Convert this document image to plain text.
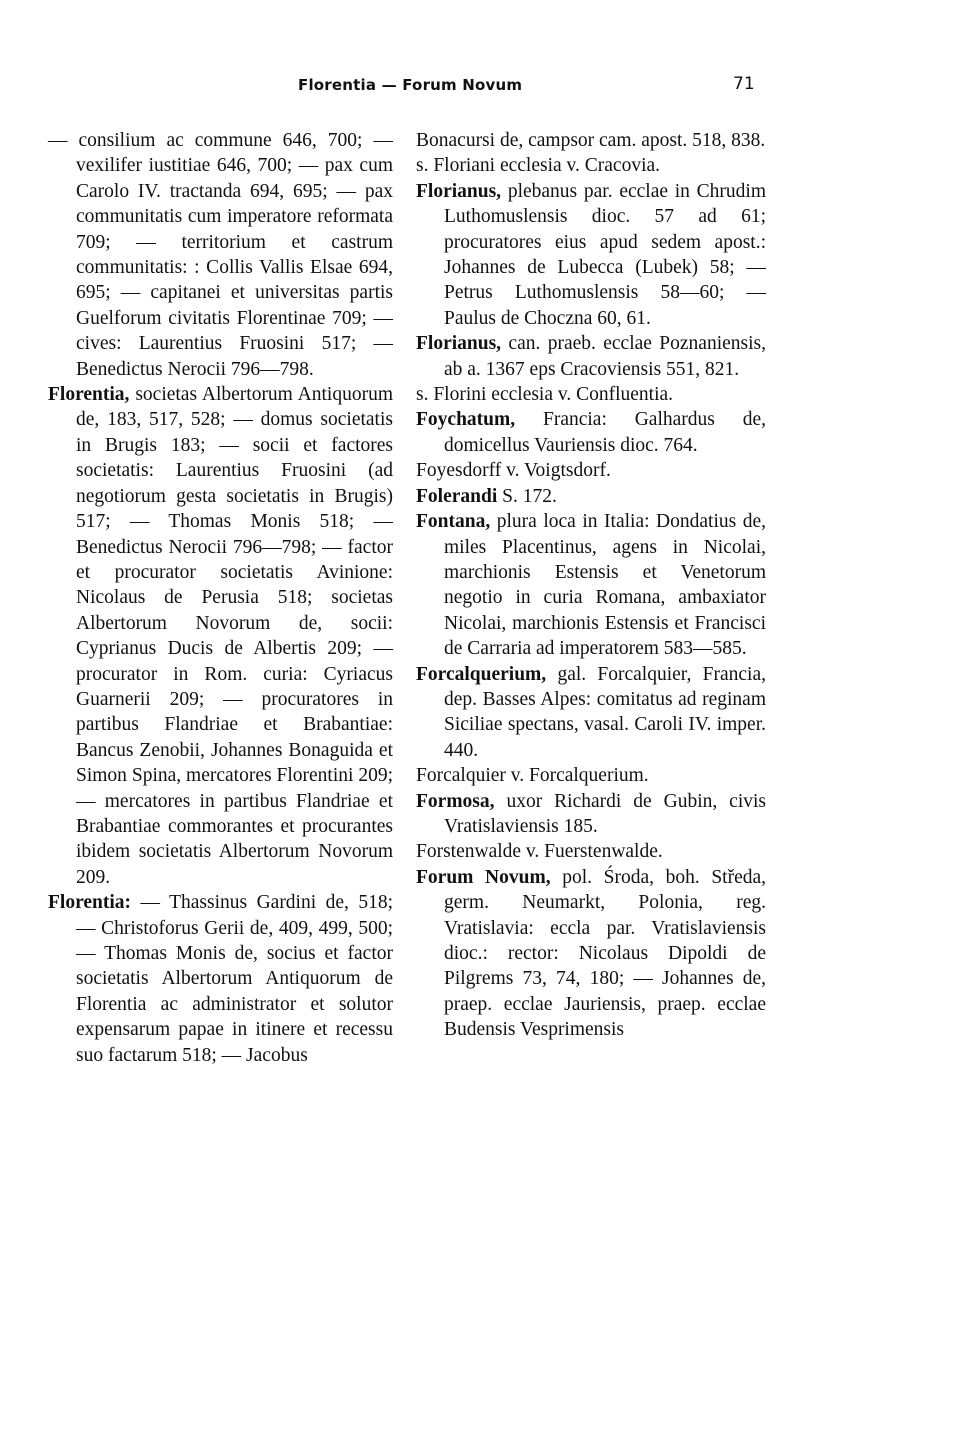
Florentia — Forum Novum	71

— consilium ac commune 646, 700; — vexilifer iustitiae 646, 700; — pax cum Carolo IV. tractanda 694, 695; — pax communitatis cum imperatore reformata 709; — territorium et castrum communitatis: : Collis Vallis Elsae 694, 695; — capitanei et universitas partis Guelforum civitatis Florentinae 709; — cives: Laurentius Fruosini 517; — Benedictus Nerocii 796—798.

Florentia, societas Albertorum Antiquorum de, 183, 517, 528; — domus societatis in Brugis 183; — socii et factores societatis: Laurentius Fruosini (ad negotiorum gesta societatis in Brugis) 517; — Thomas Monis 518; — Benedictus Nerocii 796—798; — factor et procurator societatis Avinione: Nicolaus de Perusia 518; societas Albertorum Novorum de, socii: Cyprianus Ducis de Albertis 209; — procurator in Rom. curia: Cyriacus Guarnerii 209; — procuratores in partibus Flandriae et Brabantiae: Bancus Zenobii, Johannes Bonaguida et Simon Spina, mercatores Florentini 209; — mercatores in partibus Flandriae et Brabantiae commorantes et procurantes ibidem societatis Albertorum Novorum 209.

Florentia: — Thassinus Gardini de, 518; — Christoforus Gerii de, 409, 499, 500; — Thomas Monis de, socius et factor societatis Albertorum Antiquorum de Florentia ac administrator et solutor expensarum papae in itinere et recessu suo factarum 518; — Jacobus

Bonacursi de, campsor cam. apost. 518, 838.

s. Floriani ecclesia v. Cracovia.

Florianus, plebanus par. ecclae in Chrudim Luthomuslensis dioc. 57 ad 61; procuratores eius apud sedem apost.: Johannes de Lubecca (Lubek) 58; — Petrus Luthomuslensis 58—60; — Paulus de Choczna 60, 61.

Florianus, can. praeb. ecclae Poznaniensis, ab a. 1367 eps Cracoviensis 551, 821.

s. Florini ecclesia v. Confluentia.

Foychatum, Francia: Galhardus de, domicellus Vauriensis dioc. 764.

Foyesdorff v. Voigtsdorf.

Folerandi S. 172.

Fontana, plura loca in Italia: Dondatius de, miles Placentinus, agens in Nicolai, marchionis Estensis et Venetorum negotio in curia Romana, ambaxiator Nicolai, marchionis Estensis et Francisci de Carraria ad imperatorem 583—585.

Forcalquerium, gal. Forcalquier, Francia, dep. Basses Alpes: comitatus ad reginam Siciliae spectans, vasal. Caroli IV. imper. 440.

Forcalquier v. Forcalquerium.

Formosa, uxor Richardi de Gubin, civis Vratislaviensis 185.

Forstenwalde v. Fuerstenwalde.

Forum Novum, pol. Środa, boh. Středa, germ. Neumarkt, Polonia, reg. Vratislavia: eccla par. Vratislaviensis dioc.: rector: Nicolaus Dipoldi de Pilgrems 73, 74, 180; — Johannes de, praep. ecclae Jauriensis, praep. ecclae Budensis Vesprimensis
